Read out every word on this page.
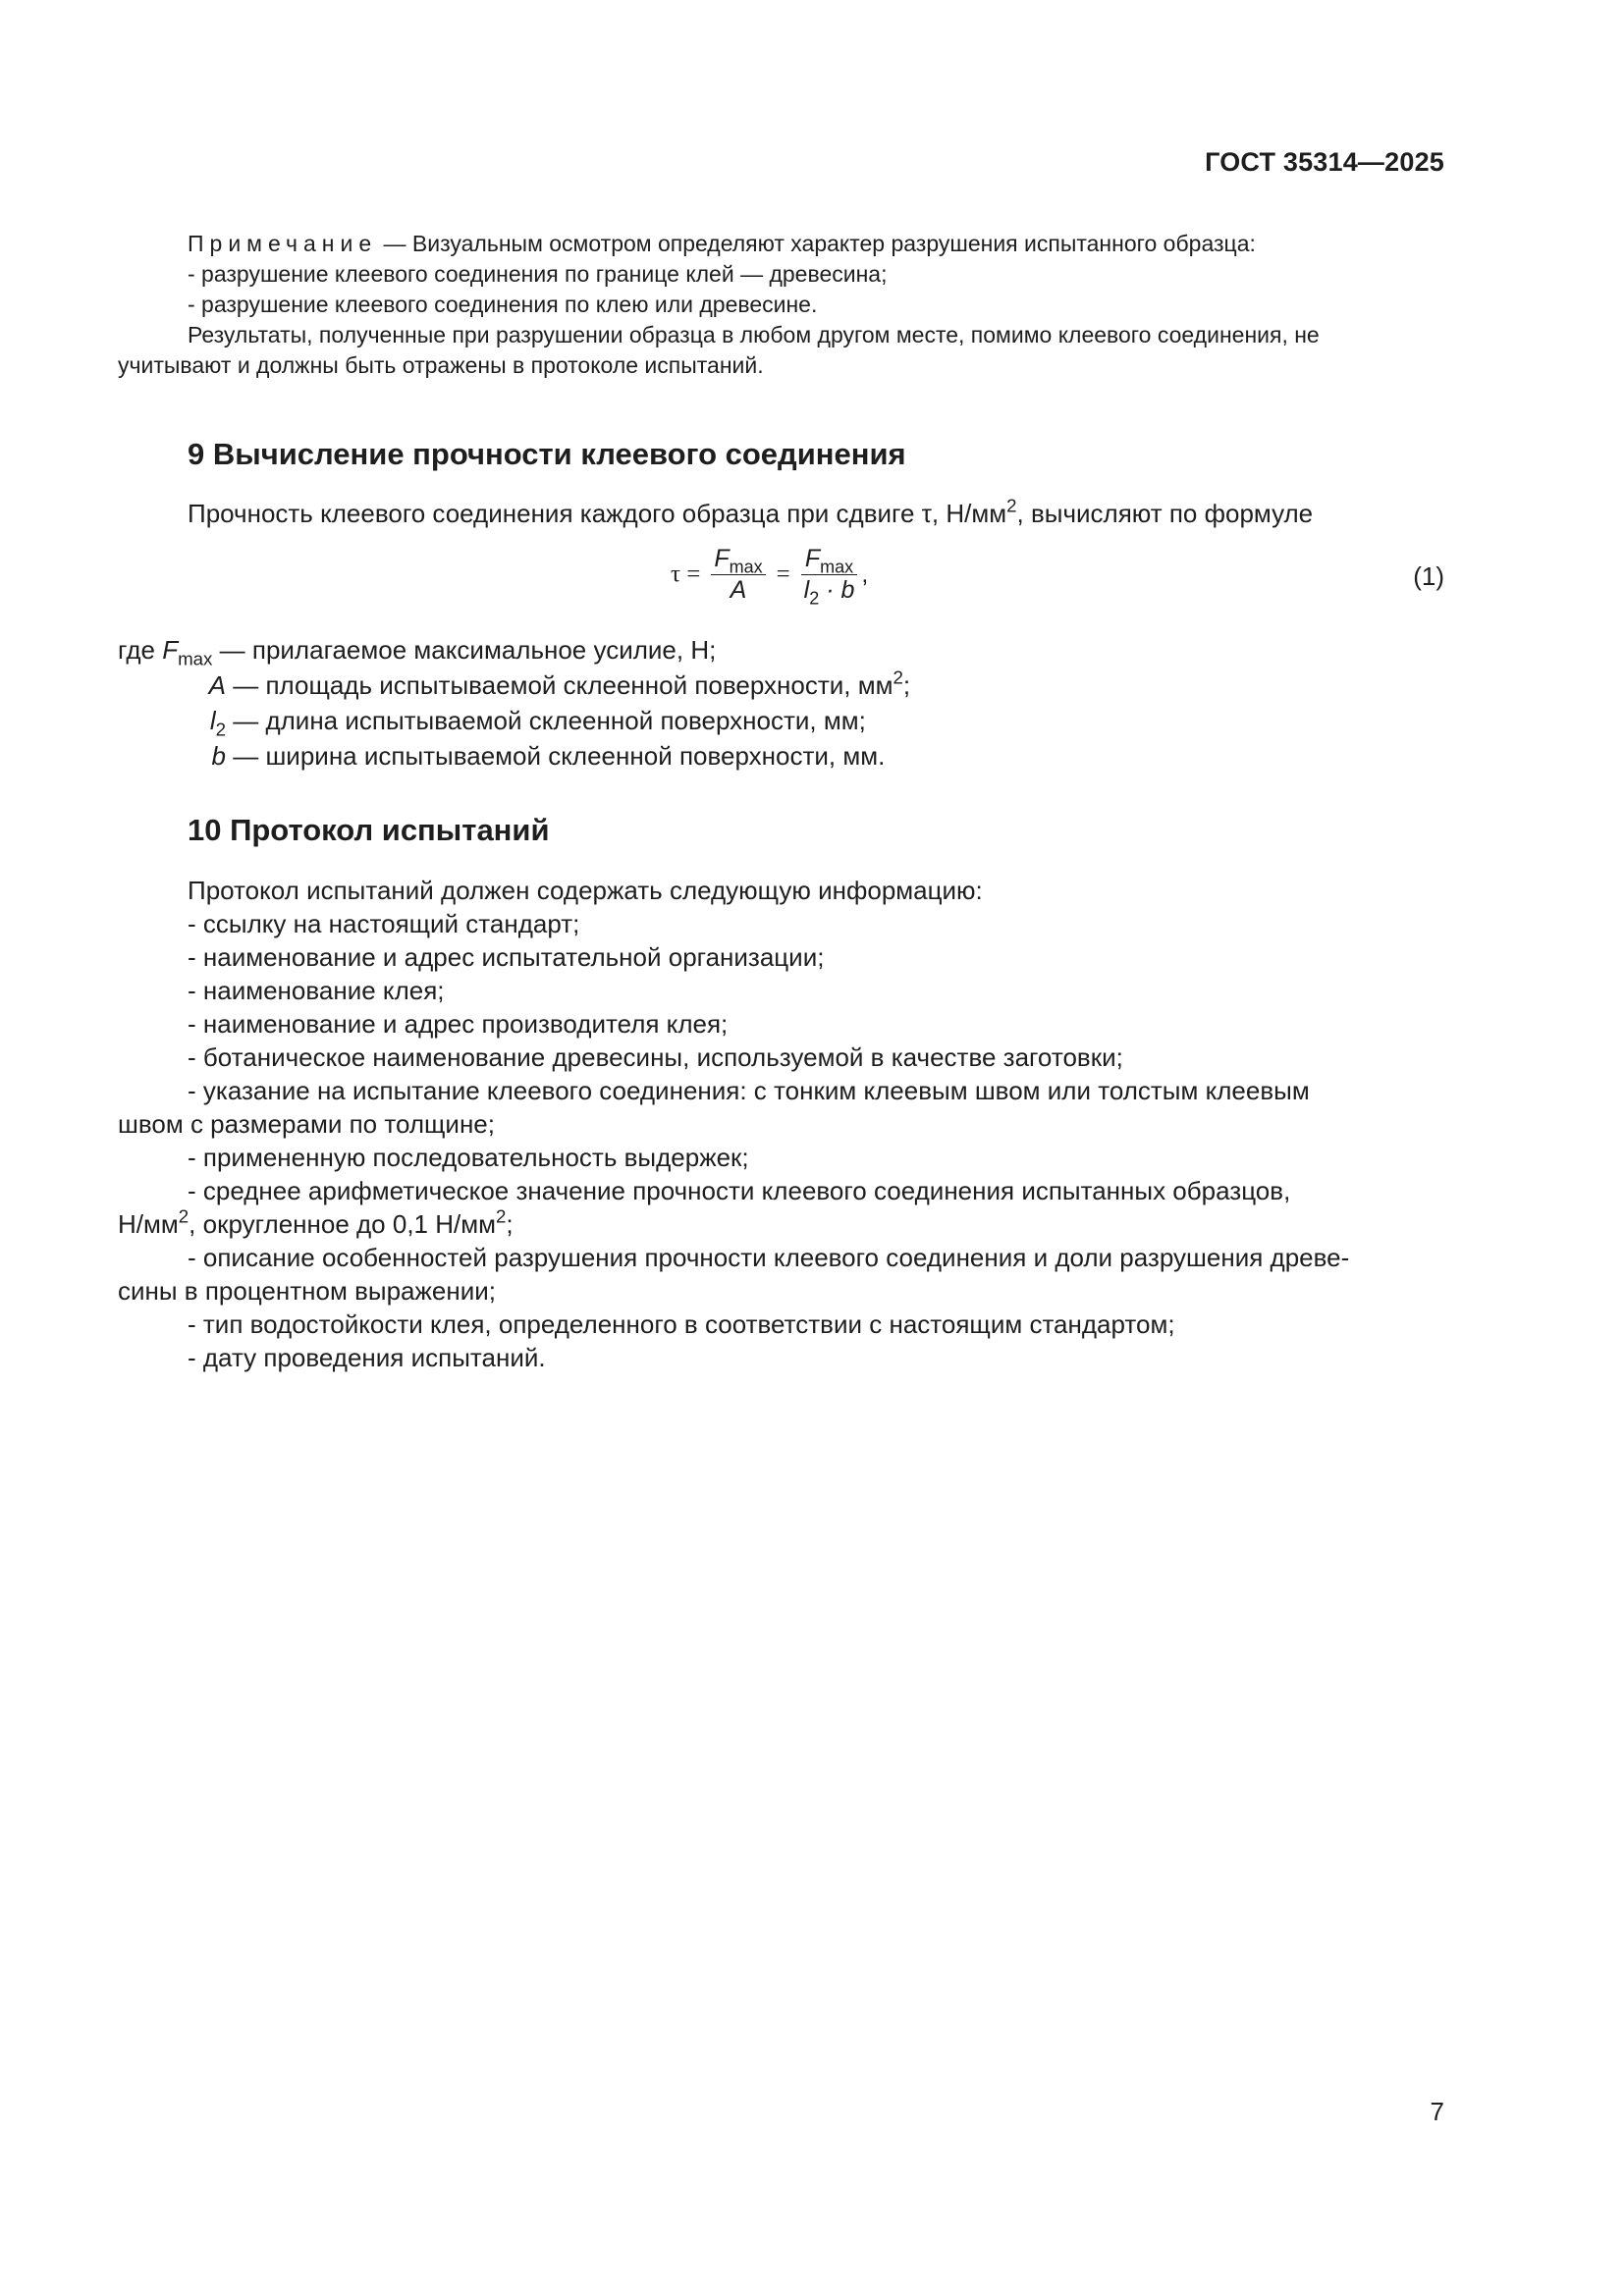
ГОСТ 35314—2025
Примечание — Визуальным осмотром определяют характер разрушения испытанного образца:
- разрушение клеевого соединения по границе клей — древесина;
- разрушение клеевого соединения по клею или древесине.
Результаты, полученные при разрушении образца в любом другом месте, помимо клеевого соединения, не
учитывают и должны быть отражены в протоколе испытаний.
9 Вычисление прочности клеевого соединения
Прочность клеевого соединения каждого образца при сдвиге τ, $Н/мм^2$, вычисляют по формуле
$\tau = \frac{F_{max}}{A} = \frac{F_{max}}{l_2 \cdot b}$ ,	(1)
где $F_{max}$ — прилагаемое максимальное усилие, Н;
A — площадь испытываемой склеенной поверхности, $мм^2$;
$l_2$ — длина испытываемой склеенной поверхности, мм;
b — ширина испытываемой склеенной поверхности, мм.
10 Протокол испытаний
Протокол испытаний должен содержать следующую информацию:
- ссылку на настоящий стандарт;
- наименование и адрес испытательной организации;
- наименование клея;
- наименование и адрес производителя клея;
- ботаническое наименование древесины, используемой в качестве заготовки;
- указание на испытание клеевого соединения: с тонким клеевым швом или толстым клеевым
швом с размерами по толщине;
- примененную последовательность выдержек;
- среднее арифметическое значение прочности клеевого соединения испытанных образцов,
$Н/мм^2$, округленное до 0,1 $Н/мм^2$;
- описание особенностей разрушения прочности клеевого соединения и доли разрушения древе-
сины в процентном выражении;
- тип водостойкости клея, определенного в соответствии с настоящим стандартом;
- дату проведения испытаний.
7
